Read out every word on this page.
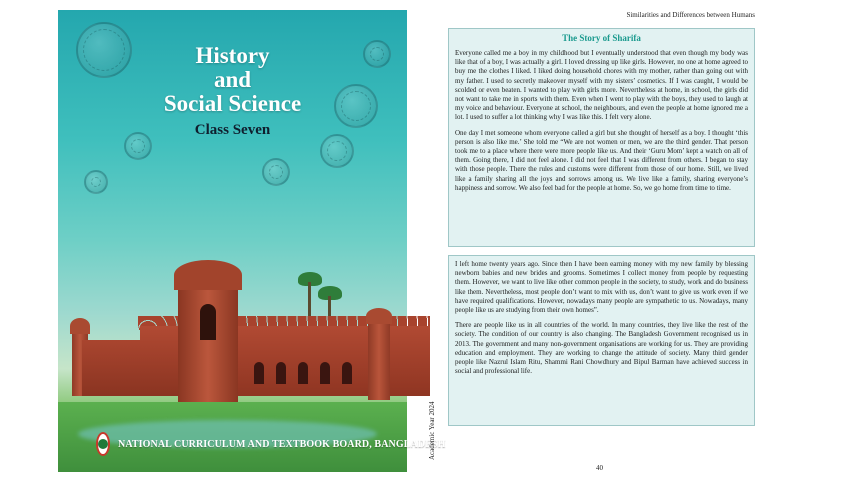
History
and
Social Science
Class Seven
NATIONAL CURRICULUM AND TEXTBOOK BOARD, BANGLADESH
Academic Year 2024
Similarities and Differences between Humans
The Story of Sharifa

Everyone called me a boy in my childhood but I eventually understood that even though my body was like that of a boy, I was actually a girl. I loved dressing up like girls. However, no one at home agreed to buy me the clothes I liked. I liked doing household chores with my mother, rather than going out with my father. I used to secretly makeover myself with my sisters’ cosmetics. If I was caught, I would be scolded or even beaten. I wanted to play with girls more. Nevertheless at home, in school, the girls did not want to take me in sports with them. Even when I went to play with the boys, they used to laugh at my voice and behaviour. Everyone at school, the neighbours, and even the people at home ignored me a lot. I used to suffer a lot thinking why I was like this. I felt very alone.

One day I met someone whom everyone called a girl but she thought of herself as a boy. I thought ‘this person is also like me.’ She told me “We are not women or men, we are the third gender. That person took me to a place where there were more people like us. And their ‘Guru Mom’ kept a watch on all of them. Going there, I did not feel alone. I did not feel that I was different from others. I began to stay with those people. There the rules and customs were different from those of our home. Still, we lived like a family sharing all the joys and sorrows among us. We live like a family, sharing everyone’s happiness and sorrow. We also feel bad for the people at home. So, we go home from time to time.

I left home twenty years ago. Since then I have been earning money with my new family by blessing newborn babies and new brides and grooms. Sometimes I collect money from people by requesting them. However, we want to live like other common people in the society, to study, work and do business like them. Nevertheless, most people don’t want to mix with us, don’t want to give us work even if we have required qualifications. However, nowadays many people are sympathetic to us. Nowadays, many people like us are studying from their own homes”.

There are people like us in all countries of the world. In many countries, they live like the rest of the society. The condition of our country is also changing. The Bangladesh Government recognised us in 2013. The government and many non-government organisations are working for us. They are providing education and employment. They are working to change the attitude of society. Many third gender people like Nazrul Islam Ritu, Shammi Rani Chowdhury and Bipul Barman have achieved success in social and professional life.

40
